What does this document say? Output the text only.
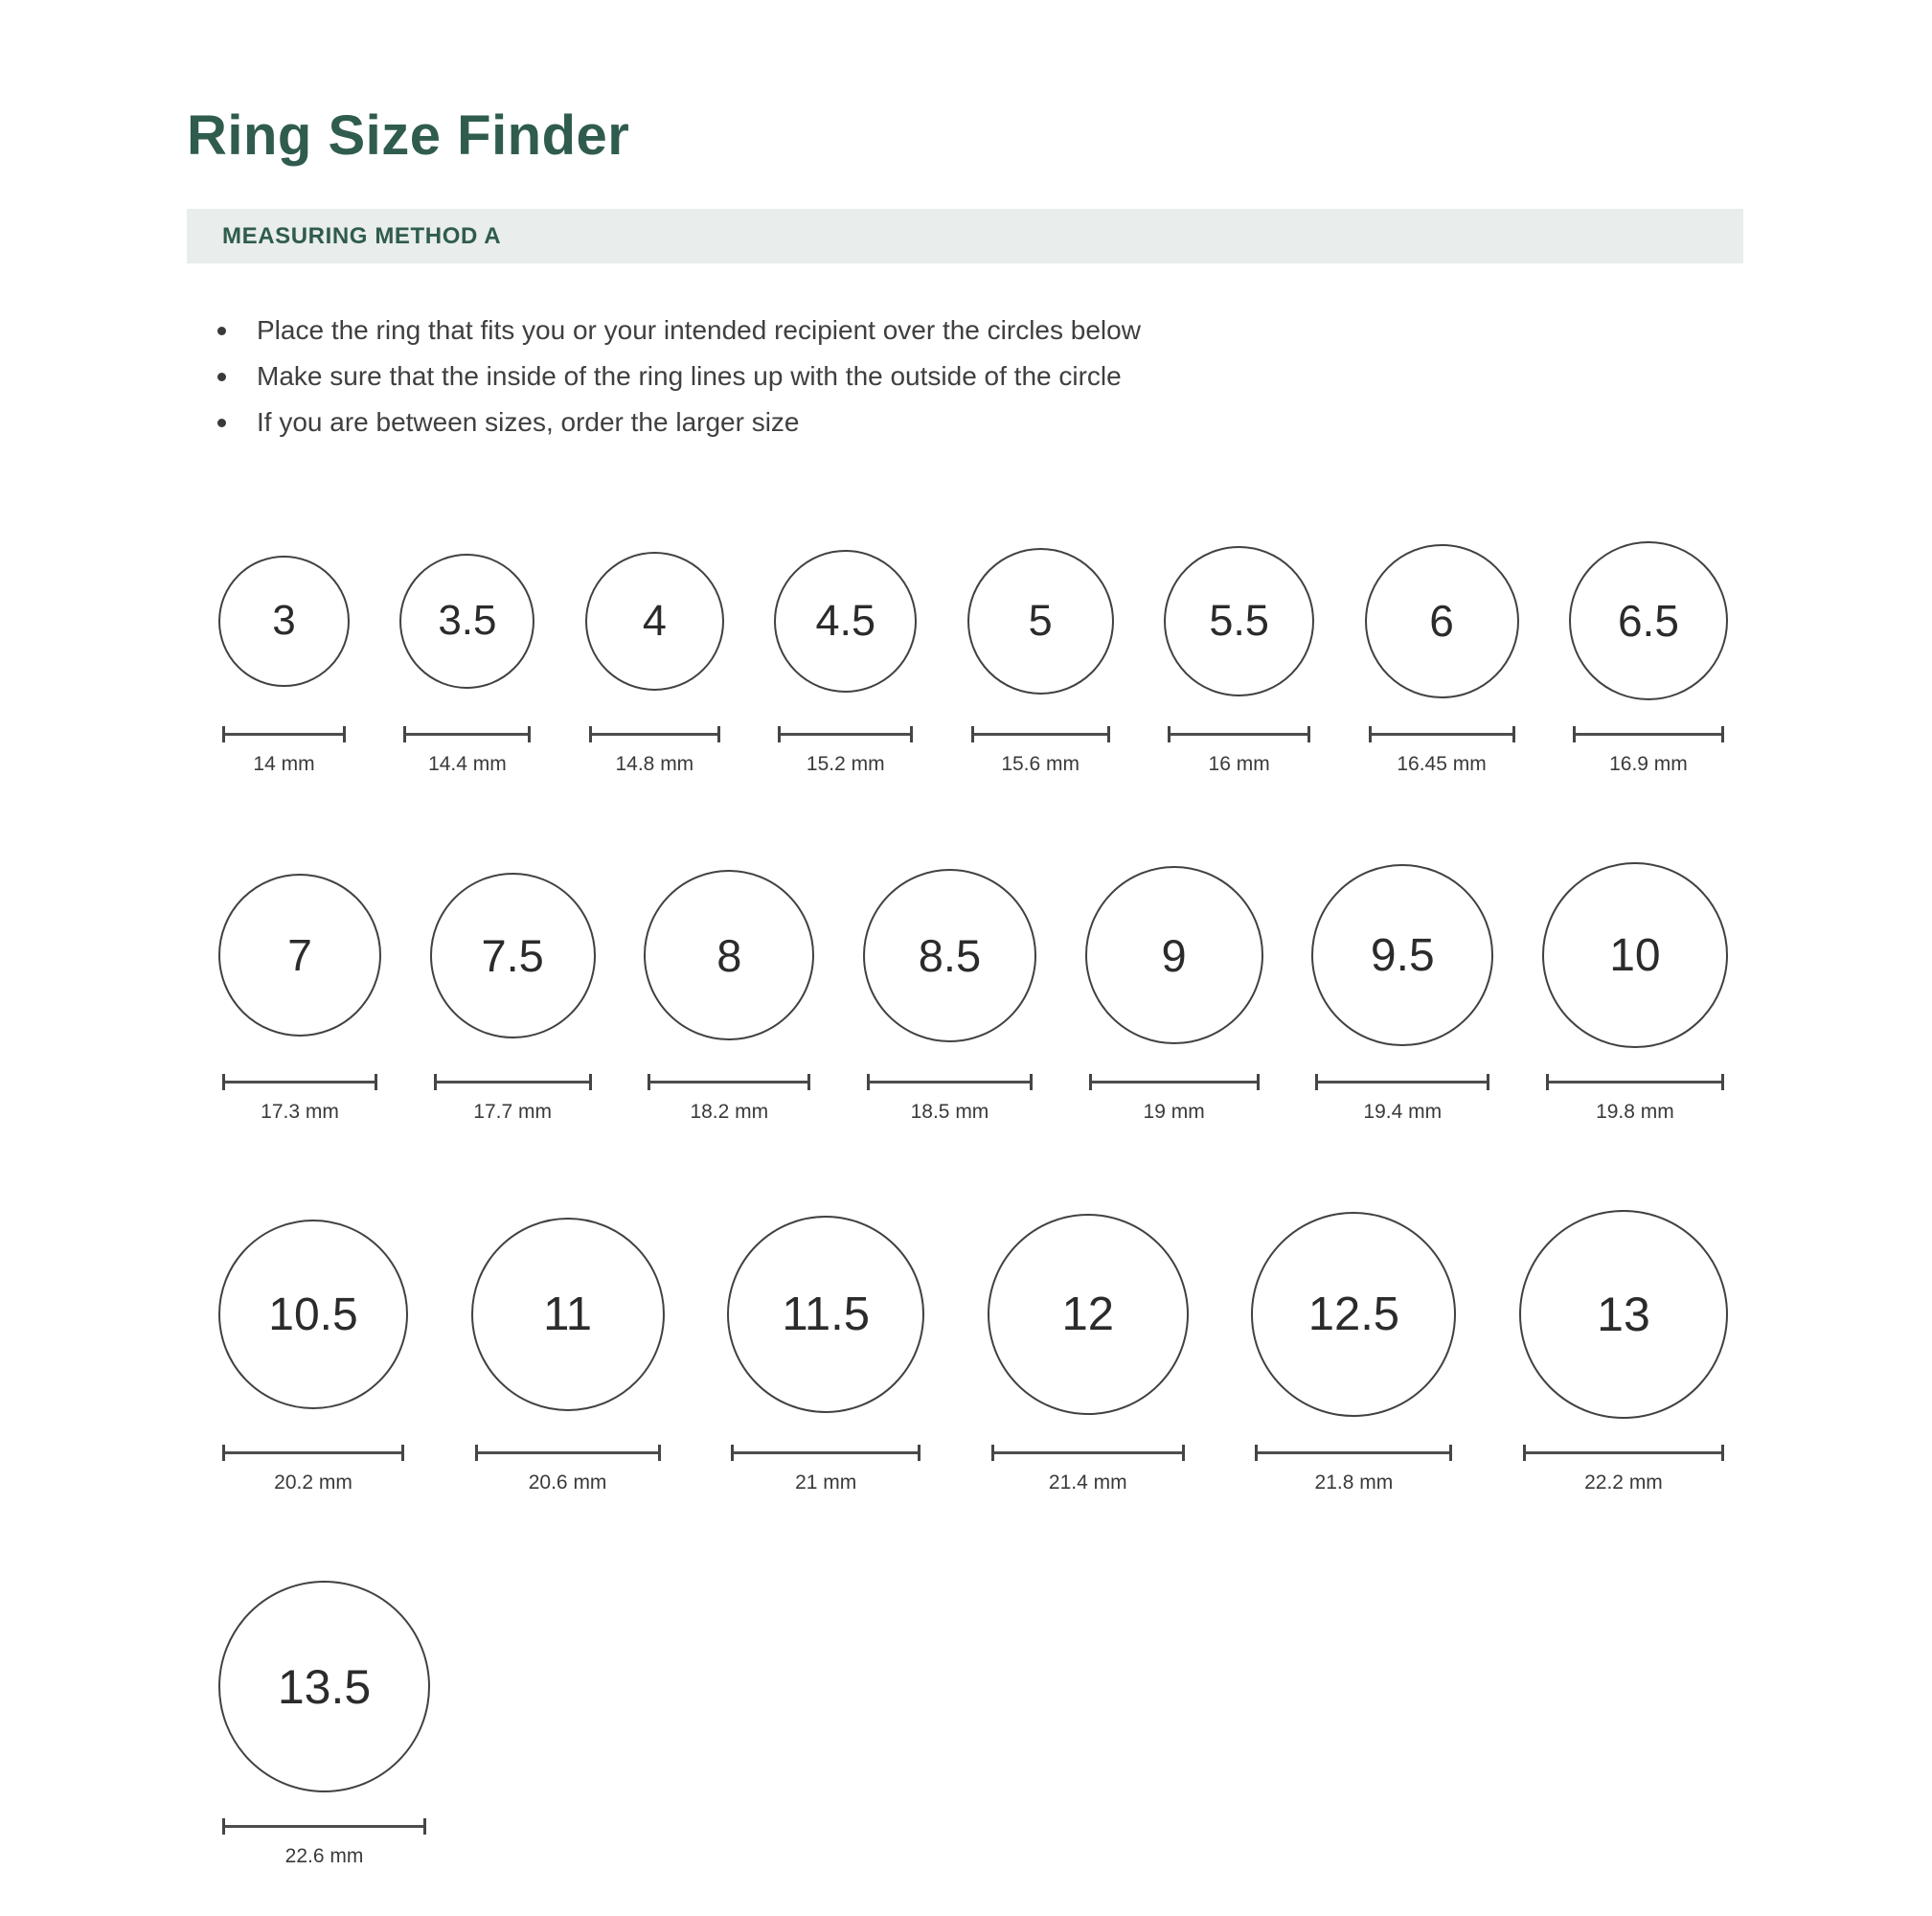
Ring Size Finder
MEASURING METHOD A
Place the ring that fits you or your intended recipient over the circles below
Make sure that the inside of the ring lines up with the outside of the circle
If you are between sizes, order the larger size
3
14 mm
3.5
14.4 mm
4
14.8 mm
4.5
15.2 mm
5
15.6 mm
5.5
16 mm
6
16.45 mm
6.5
16.9 mm
7
17.3 mm
7.5
17.7 mm
8
18.2 mm
8.5
18.5 mm
9
19 mm
9.5
19.4 mm
10
19.8 mm
10.5
20.2 mm
11
20.6 mm
11.5
21 mm
12
21.4 mm
12.5
21.8 mm
13
22.2 mm
13.5
22.6 mm
